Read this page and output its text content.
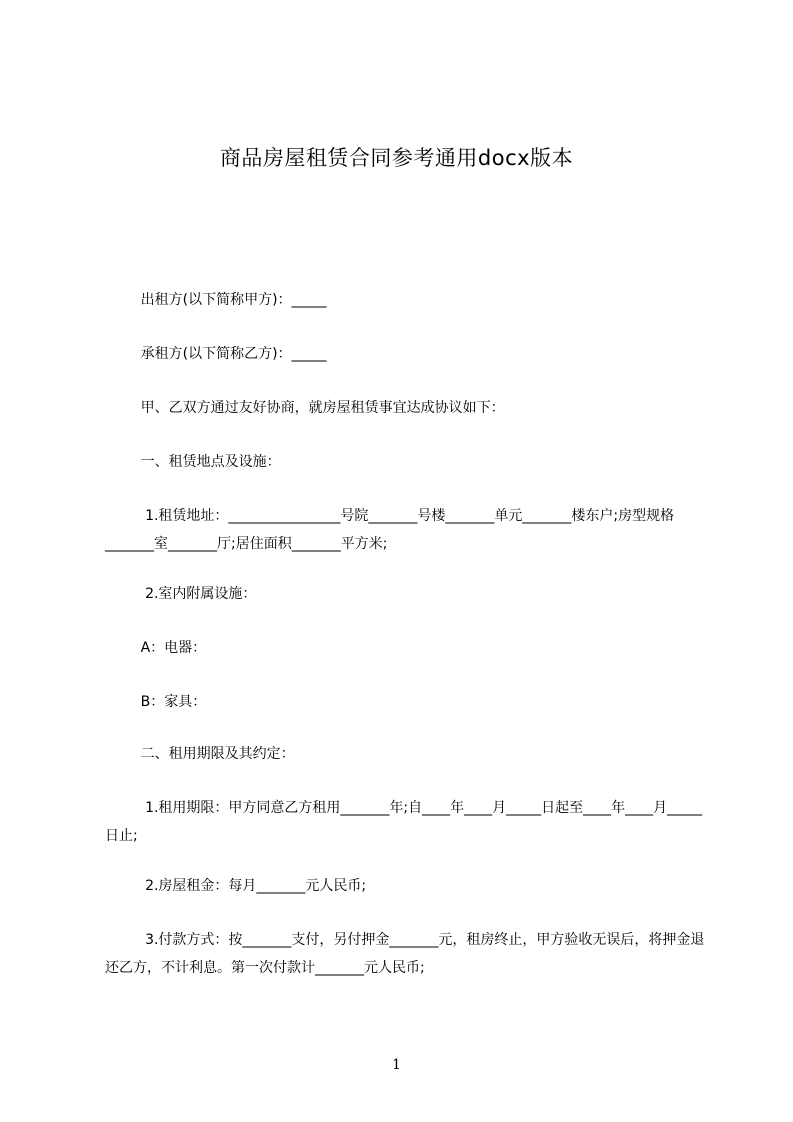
商品房屋租赁合同参考通用docx版本
出租方(以下简称甲方)：_____
承租方(以下简称乙方)：_____
甲、乙双方通过友好协商，就房屋租赁事宜达成协议如下：
一、租赁地点及设施：
1.租赁地址：________________号院_______号楼_______单元_______楼东户;房型规格_______室_______厅;居住面积_______平方米;
2.室内附属设施：
A：电器：
B：家具：
二、租用期限及其约定：
1.租用期限：甲方同意乙方租用_______年;自____年____月_____日起至____年____月_____日止;
2.房屋租金：每月_______元人民币;
3.付款方式：按_______支付，另付押金_______元，租房终止，甲方验收无误后，将押金退还乙方，不计利息。第一次付款计_______元人民币;
1
